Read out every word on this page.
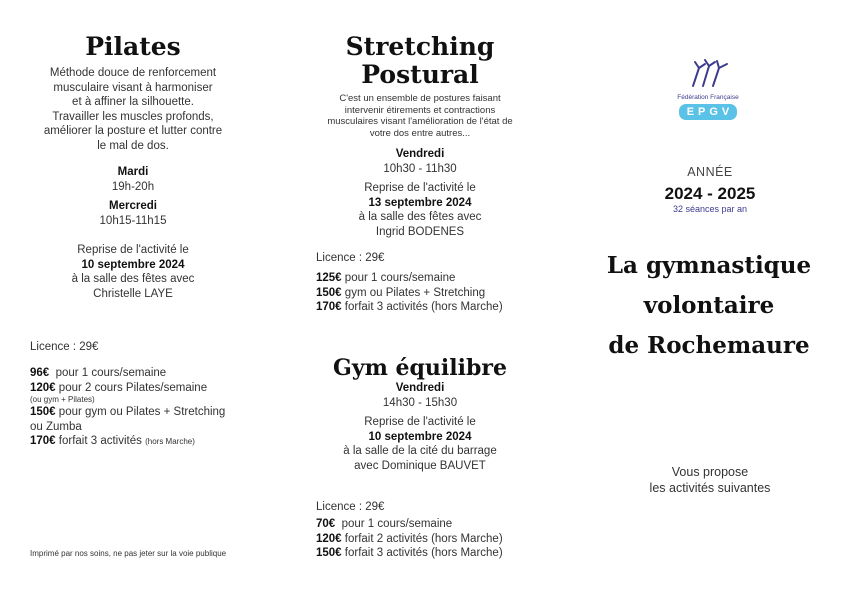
Pilates
Méthode douce de renforcement
musculaire visant à harmoniser
et à affiner la silhouette.
Travailler les muscles profonds,
améliorer la posture et lutter contre
le mal de dos.
Mardi
19h-20h
Mercredi
10h15-11h15
Reprise de l'activité le
10 septembre 2024
à la salle des fêtes avec
Christelle LAYE
Licence : 29€
96€ pour 1 cours/semaine
120€ pour 2 cours Pilates/semaine
(ou gym + Pilates)
150€ pour gym ou Pilates + Stretching
ou Zumba
170€ forfait 3 activités (hors Marche)
Imprimé par nos soins, ne pas jeter sur la voie publique
Stretching
Postural
C'est un ensemble de postures faisant
intervenir étirements et contractions
musculaires visant l'amélioration de l'état de
votre dos entre autres...
Vendredi
10h30 - 11h30
Reprise de l'activité le
13 septembre 2024
à la salle des fêtes avec
Ingrid BODENES
Licence : 29€
125€ pour 1 cours/semaine
150€ gym ou Pilates + Stretching
170€ forfait 3 activités (hors Marche)
Gym équilibre
Vendredi
14h30 - 15h30
Reprise de l'activité le
10 septembre 2024
à la salle de la cité du barrage
avec Dominique BAUVET
Licence : 29€
70€ pour 1 cours/semaine
120€ forfait 2 activités (hors Marche)
150€ forfait 3 activités (hors Marche)
Fédération Française
EPGV
ANNÉE
2024 - 2025
32 séances par an
La gymnastique
volontaire
de Rochemaure
Vous propose
les activités suivantes
